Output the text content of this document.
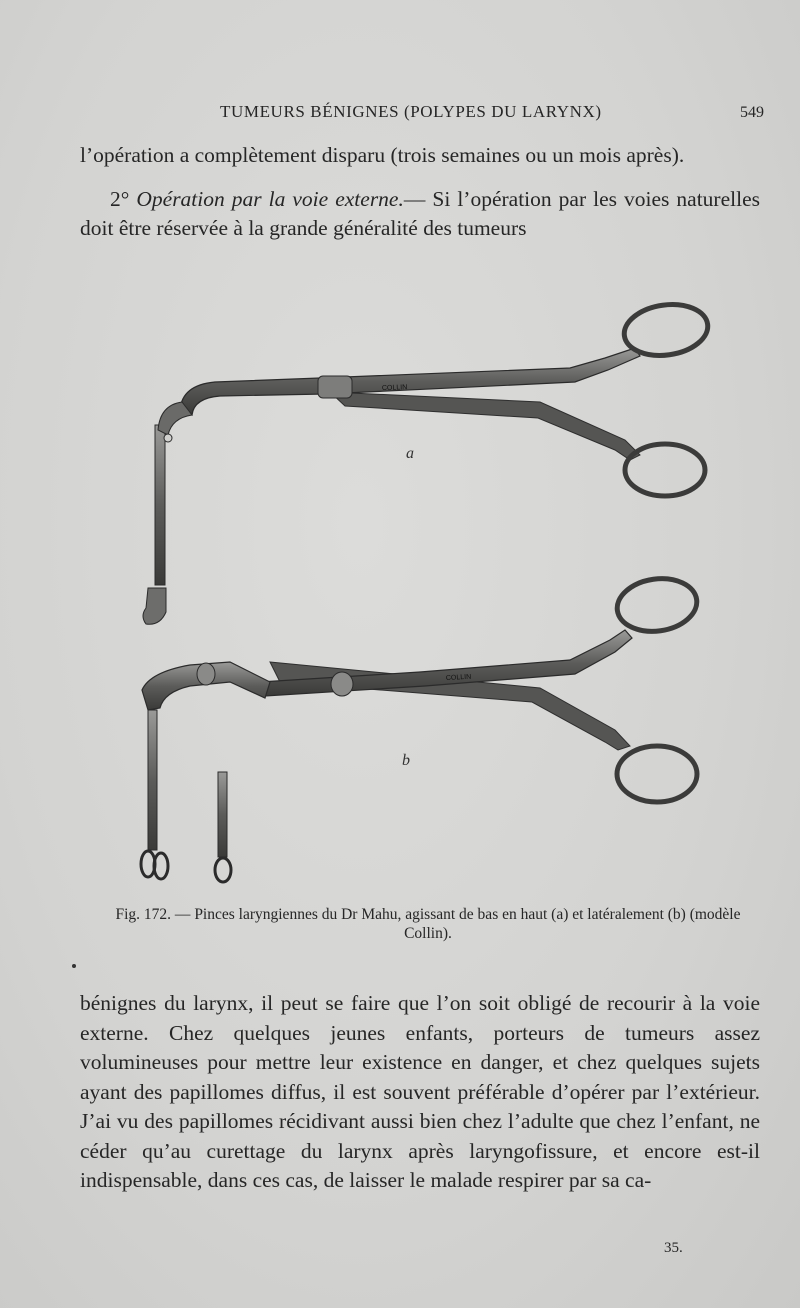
TUMEURS BÉNIGNES (POLYPES DU LARYNX)	549

l’opération a complètement disparu (trois semaines ou un mois après).

2° Opération par la voie externe.— Si l’opération par les voies naturelles doit être réservée à la grande généralité des tumeurs

COLLIN
a
COLLIN
b
Fig. 172. — Pinces laryngiennes du Dr Mahu, agissant de bas en haut (a) et latéralement (b) (modèle Collin).

bénignes du larynx, il peut se faire que l’on soit obligé de recourir à la voie externe. Chez quelques jeunes enfants, porteurs de tumeurs assez volumineuses pour mettre leur existence en danger, et chez quelques sujets ayant des papillomes diffus, il est souvent préférable d’opérer par l’extérieur. J’ai vu des papillomes récidivant aussi bien chez l’adulte que chez l’enfant, ne céder qu’au curettage du larynx après laryngofissure, et encore est-il indispensable, dans ces cas, de laisser le malade respirer par sa ca-

35.
